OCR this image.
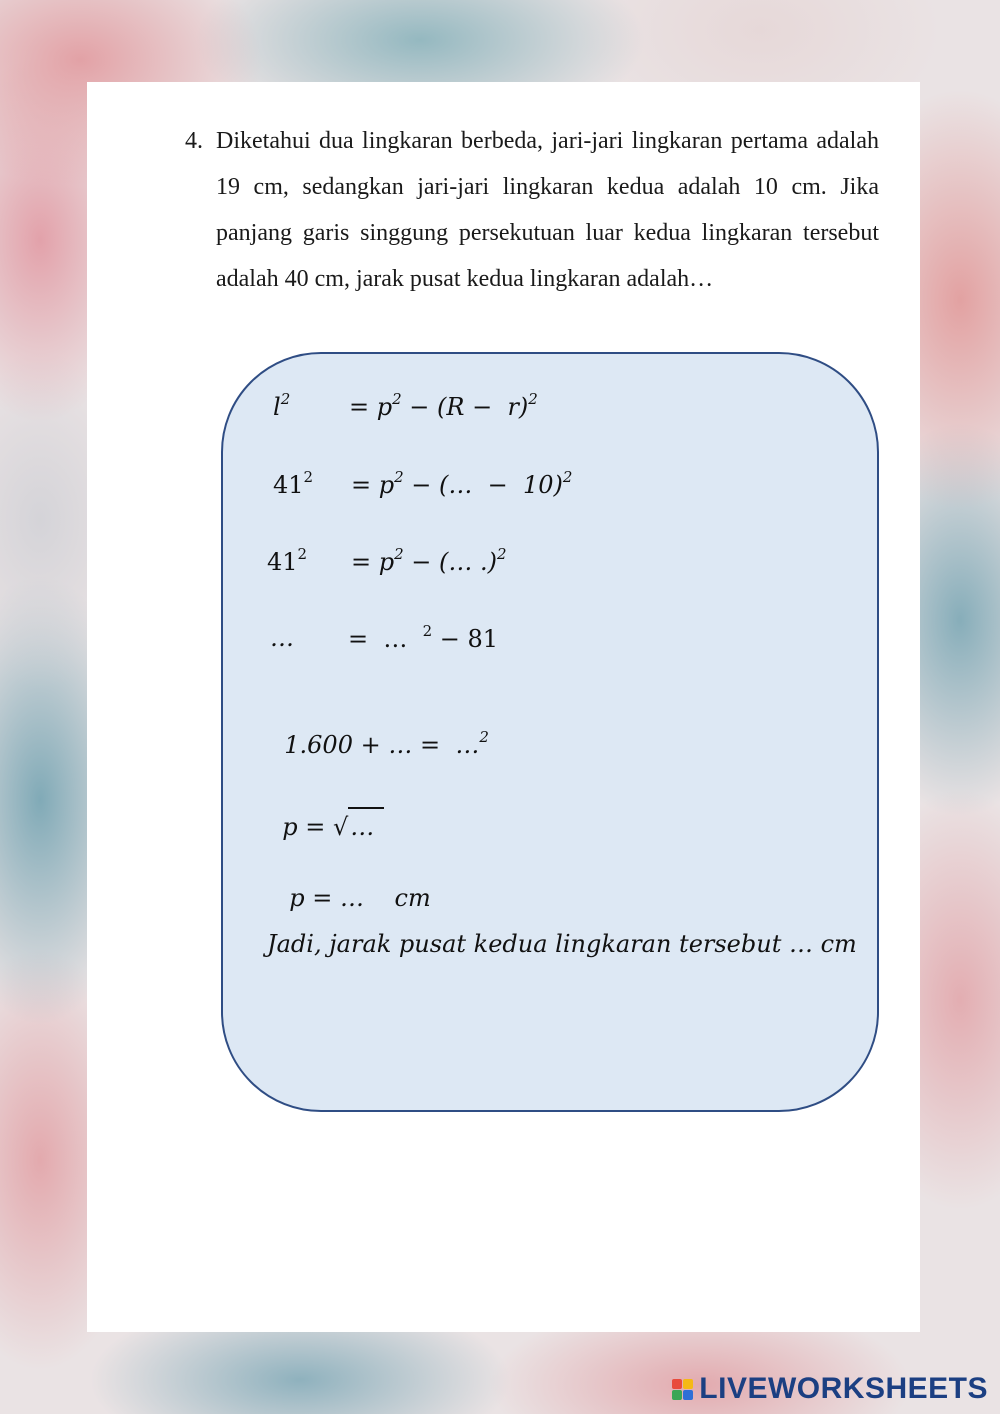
4. Diketahui dua lingkaran berbeda, jari-jari lingkaran pertama adalah 19 cm, sedangkan jari-jari lingkaran kedua adalah 10 cm. Jika panjang garis singgung persekutuan luar kedua lingkaran tersebut adalah 40 cm, jarak pusat kedua lingkaran adalah…

$l^2$

= $p^2 - (R - r)^2$

$41^2$

= $p^2$ − (…  −  10)$^2$

$41^2$

= $p^2$ − (… .)$^2$

…

=  …  $^2$ − 81

1.600 + … =  …$^2$

p = √…

p = …    cm

Jadi, jarak pusat kedua lingkaran tersebut … cm
LIVEWORKSHEETS
